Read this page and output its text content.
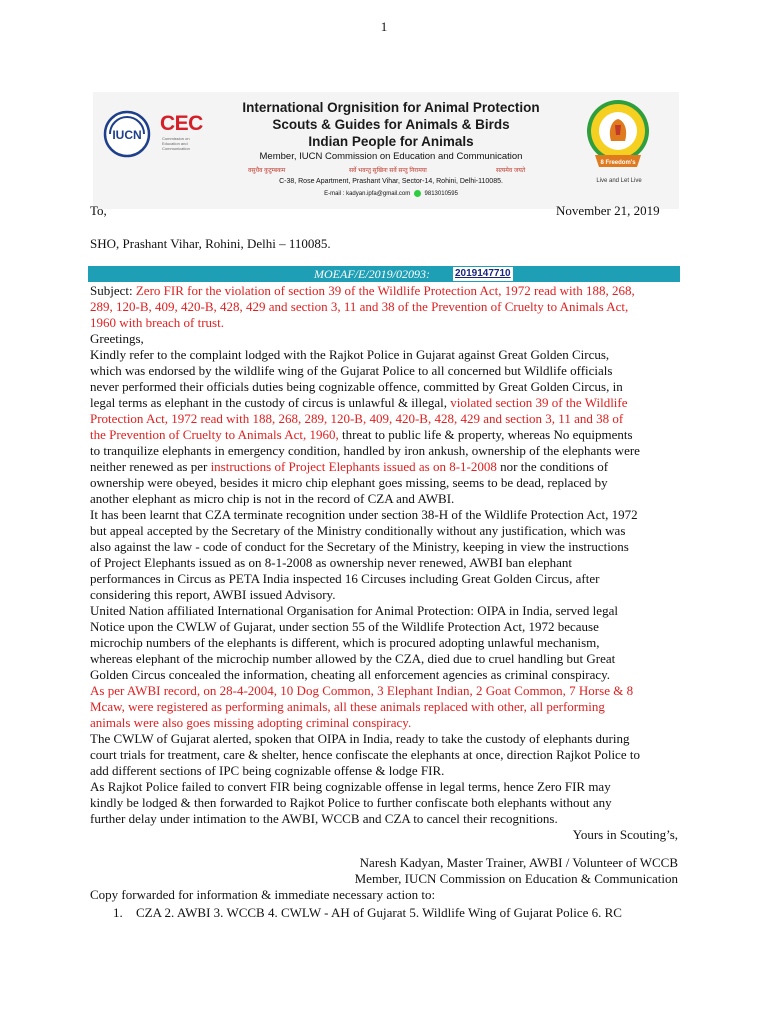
1
IUCN CEC
Commission on Education and Communication
International Orgnisition for Animal Protection
Scouts & Guides for Animals & Birds
Indian People for Animals
Member, IUCN Commission on Education and Communication
वसुधैव कुटुम्बकम	सर्वे भवन्तु सुखिनः सर्वे सन्तु निरामया	सत्यमेव जयते
C-38, Rose Apartment, Prashant Vihar, Sector-14, Rohini, Delhi-110085.
E-mail : kadyan.ipfa@gmail.com 9813010595
8 Freedom's
Live and Let Live
To,	November 21, 2019
SHO, Prashant Vihar, Rohini, Delhi – 110085.
MOEAF/E/2019/02093:	2019147710
Subject: Zero FIR for the violation of section 39 of the Wildlife Protection Act, 1972 read with 188, 268,
289, 120-B, 409, 420-B, 428, 429 and section 3, 11 and 38 of the Prevention of Cruelty to Animals Act,
1960 with breach of trust.
Greetings,
Kindly refer to the complaint lodged with the Rajkot Police in Gujarat against Great Golden Circus,
which was endorsed by the wildlife wing of the Gujarat Police to all concerned but Wildlife officials
never performed their officials duties being cognizable offence, committed by Great Golden Circus, in
legal terms as elephant in the custody of circus is unlawful & illegal, violated section 39 of the Wildlife
Protection Act, 1972 read with 188, 268, 289, 120-B, 409, 420-B, 428, 429 and section 3, 11 and 38 of
the Prevention of Cruelty to Animals Act, 1960, threat to public life & property, whereas No equipments
to tranquilize elephants in emergency condition, handled by iron ankush, ownership of the elephants were
neither renewed as per instructions of Project Elephants issued as on 8-1-2008 nor the conditions of
ownership were obeyed, besides it micro chip elephant goes missing, seems to be dead, replaced by
another elephant as micro chip is not in the record of CZA and AWBI.
It has been learnt that CZA terminate recognition under section 38-H of the Wildlife Protection Act, 1972
but appeal accepted by the Secretary of the Ministry conditionally without any justification, which was
also against the law - code of conduct for the Secretary of the Ministry, keeping in view the instructions
of Project Elephants issued as on 8-1-2008 as ownership never renewed, AWBI ban elephant
performances in Circus as PETA India inspected 16 Circuses including Great Golden Circus, after
considering this report, AWBI issued Advisory.
United Nation affiliated International Organisation for Animal Protection: OIPA in India, served legal
Notice upon the CWLW of Gujarat, under section 55 of the Wildlife Protection Act, 1972 because
microchip numbers of the elephants is different, which is procured adopting unlawful mechanism,
whereas elephant of the microchip number allowed by the CZA, died due to cruel handling but Great
Golden Circus concealed the information, cheating all enforcement agencies as criminal conspiracy.
As per AWBI record, on 28-4-2004, 10 Dog Common, 3 Elephant Indian, 2 Goat Common, 7 Horse & 8
Mcaw, were registered as performing animals, all these animals replaced with other, all performing
animals were also goes missing adopting criminal conspiracy.
The CWLW of Gujarat alerted, spoken that OIPA in India, ready to take the custody of elephants during
court trials for treatment, care & shelter, hence confiscate the elephants at once, direction Rajkot Police to
add different sections of IPC being cognizable offense & lodge FIR.
As Rajkot Police failed to convert FIR being cognizable offense in legal terms, hence Zero FIR may
kindly be lodged & then forwarded to Rajkot Police to further confiscate both elephants without any
further delay under intimation to the AWBI, WCCB and CZA to cancel their recognitions.
Yours in Scouting’s,
Naresh Kadyan, Master Trainer, AWBI / Volunteer of WCCB
Member, IUCN Commission on Education & Communication
Copy forwarded for information & immediate necessary action to:
1. CZA 2. AWBI 3. WCCB 4. CWLW - AH of Gujarat 5. Wildlife Wing of Gujarat Police 6. RC
